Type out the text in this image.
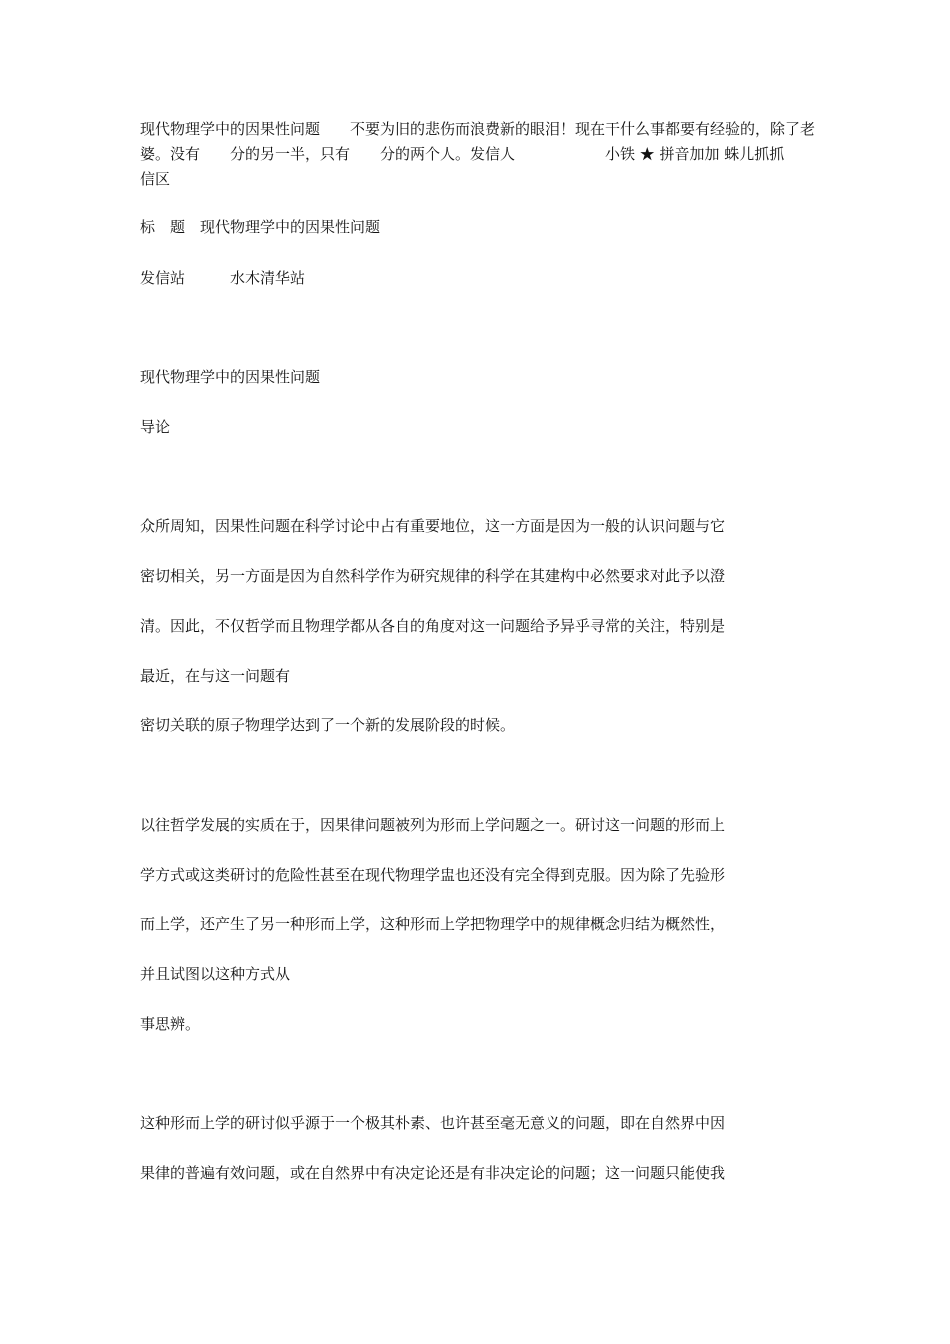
现代物理学中的因果性问题　　不要为旧的悲伤而浪费新的眼泪！现在干什么事都要有经验的，除了老婆。没有　　分的另一半，只有　　分的两个人。发信人　　　　　　小铁 ★ 拼音加加 蛛儿抓抓　 信区
标　题　现代物理学中的因果性问题
发信站　　　水木清华站
现代物理学中的因果性问题
导论
众所周知，因果性问题在科学讨论中占有重要地位，这一方面是因为一般的认识问题与它
密切相关，另一方面是因为自然科学作为研究规律的科学在其建构中必然要求对此予以澄
清。因此，不仅哲学而且物理学都从各自的角度对这一问题给予异乎寻常的关注，特别是
最近，在与这一问题有
密切关联的原子物理学达到了一个新的发展阶段的时候。
以往哲学发展的实质在于，因果律问题被列为形而上学问题之一。研讨这一问题的形而上
学方式或这类研讨的危险性甚至在现代物理学盅也还没有完全得到克服。因为除了先验形
而上学，还产生了另一种形而上学，这种形而上学把物理学中的规律概念归结为概然性，
并且试图以这种方式从
事思辨。
这种形而上学的研讨似乎源于一个极其朴素、也许甚至毫无意义的问题，即在自然界中因
果律的普遍有效问题，或在自然界中有决定论还是有非决定论的问题；这一问题只能使我
